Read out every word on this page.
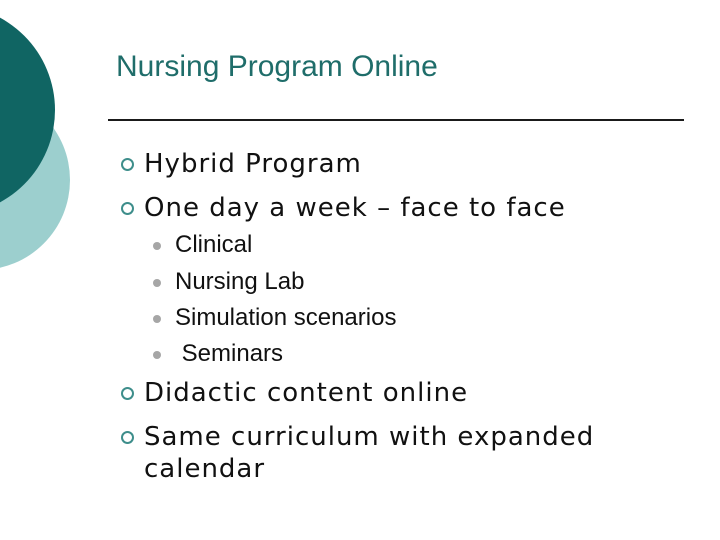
Nursing Program Online
Hybrid Program
One day a week – face to face
Clinical
Nursing Lab
Simulation scenarios
Seminars
Didactic content online
Same curriculum with expanded
calendar
